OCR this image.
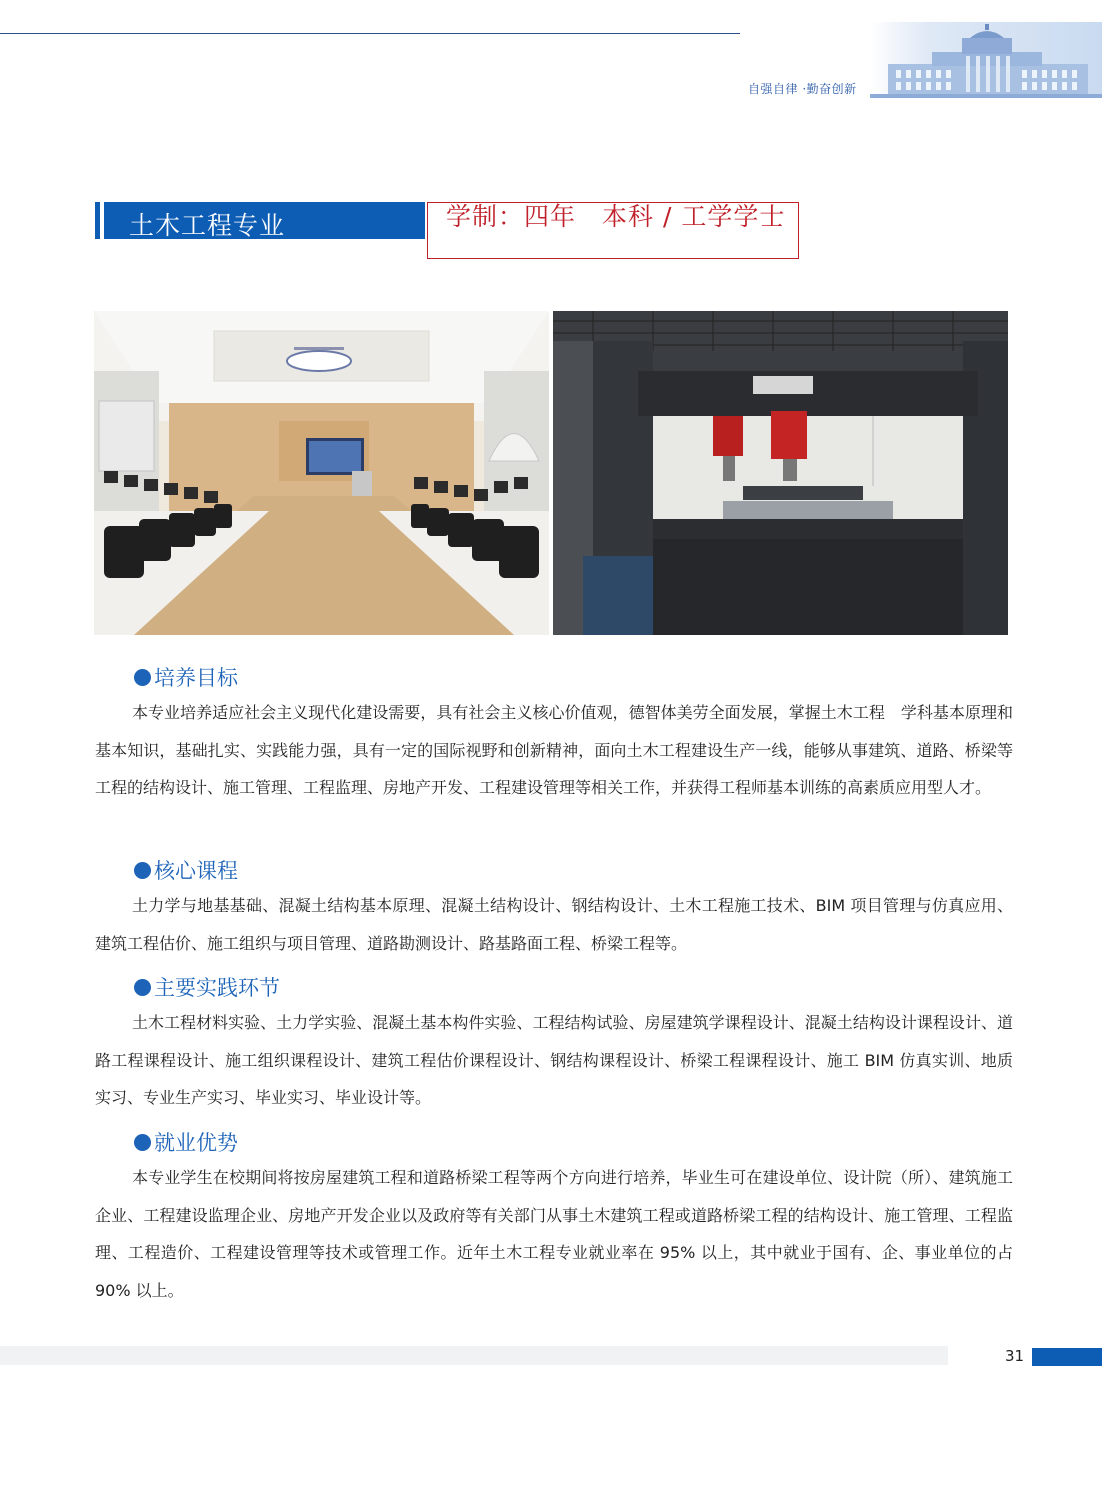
自强自律 ·勤奋创新
土木工程专业	学制：四年　本科 / 工学学士
培养目标
本专业培养适应社会主义现代化建设需要，具有社会主义核心价值观，德智体美劳全面发展，掌握土木工程　学科基本原理和基本知识，基础扎实、实践能力强，具有一定的国际视野和创新精神，面向土木工程建设生产一线，能够从事建筑、道路、桥梁等工程的结构设计、施工管理、工程监理、房地产开发、工程建设管理等相关工作，并获得工程师基本训练的高素质应用型人才。
核心课程
土力学与地基基础、混凝土结构基本原理、混凝土结构设计、钢结构设计、土木工程施工技术、BIM 项目管理与仿真应用、建筑工程估价、施工组织与项目管理、道路勘测设计、路基路面工程、桥梁工程等。
主要实践环节
土木工程材料实验、土力学实验、混凝土基本构件实验、工程结构试验、房屋建筑学课程设计、混凝土结构设计课程设计、道路工程课程设计、施工组织课程设计、建筑工程估价课程设计、钢结构课程设计、桥梁工程课程设计、施工 BIM 仿真实训、地质实习、专业生产实习、毕业实习、毕业设计等。
就业优势
本专业学生在校期间将按房屋建筑工程和道路桥梁工程等两个方向进行培养，毕业生可在建设单位、设计院（所）、建筑施工企业、工程建设监理企业、房地产开发企业以及政府等有关部门从事土木建筑工程或道路桥梁工程的结构设计、施工管理、工程监理、工程造价、工程建设管理等技术或管理工作。近年土木工程专业就业率在 95% 以上，其中就业于国有、企、事业单位的占 90% 以上。
31
